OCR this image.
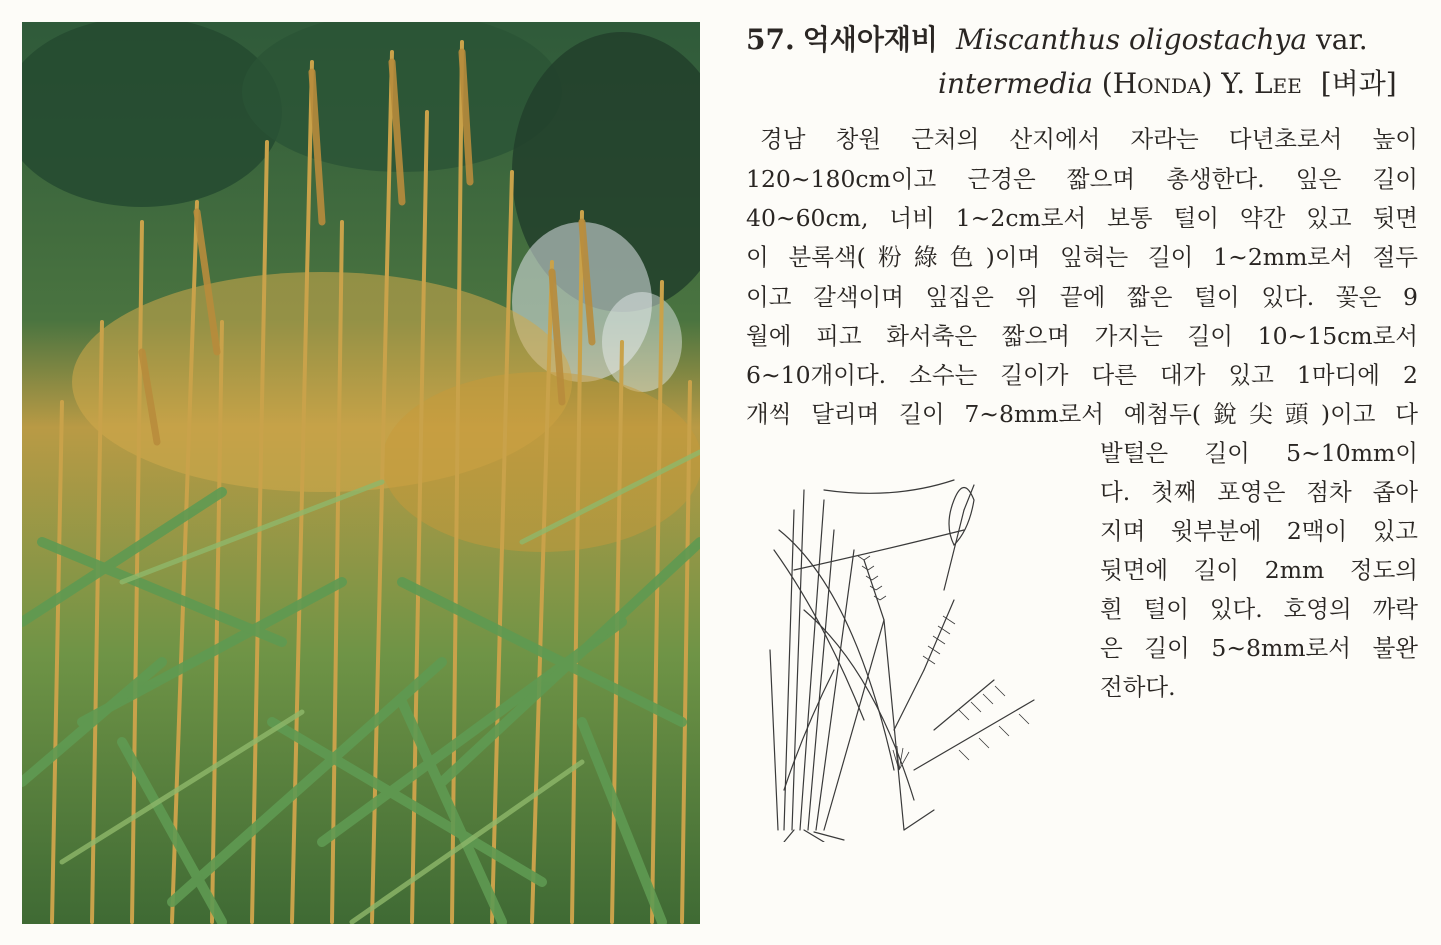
57. 억새아재비 Miscanthus oligostachya var.
intermedia (Honda) Y. Lee [벼과]
경남 창원 근처의 산지에서 자라는 다년초로서 높이
120∼180cm이고 근경은 짧으며 총생한다. 잎은 길이
40∼60cm, 너비 1∼2cm로서 보통 털이 약간 있고 뒷면
이 분록색(粉綠色)이며 잎혀는 길이 1∼2mm로서 절두
이고 갈색이며 잎집은 위 끝에 짧은 털이 있다. 꽃은 9
월에 피고 화서축은 짧으며 가지는 길이 10∼15cm로서
6∼10개이다. 소수는 길이가 다른 대가 있고 1마디에 2
개씩 달리며 길이 7∼8mm로서 예첨두(銳尖頭)이고 다
발털은 길이 5∼10mm이
다. 첫째 포영은 점차 좁아
지며 윗부분에 2맥이 있고
뒷면에 길이 2mm 정도의
흰 털이 있다. 호영의 까락
은 길이 5∼8mm로서 불완
전하다.
